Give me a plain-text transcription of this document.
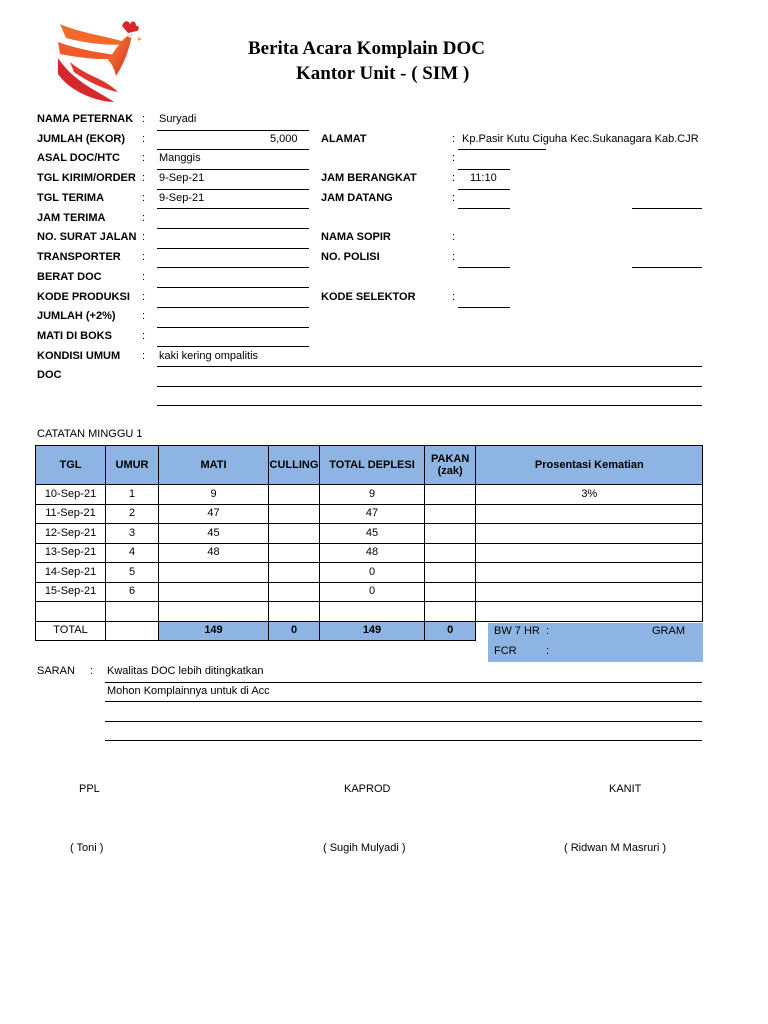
Berita Acara Komplain DOC
Kantor Unit - ( SIM )
NAMA PETERNAK : Suryadi
JUMLAH (EKOR) :	5,000
ASAL DOC/HTC : Manggis
TGL KIRIM/ORDER : 9-Sep-21
TGL TERIMA	: 9-Sep-21
JAM TERIMA	:
NO. SURAT JALAN :
TRANSPORTER :
BERAT DOC	:
KODE PRODUKSI :
JUMLAH (+2%) :
MATI DI BOKS	:
KONDISI UMUM : kaki kering ompalitis
DOC
ALAMAT	: Kp.Pasir Kutu Ciguha Kec.Sukanagara Kab.CJR
:
JAM BERANGKAT	: 11:10
JAM DATANG	:
NAMA SOPIR	:
NO. POLISI	:
KODE SELEKTOR	:
CATATAN MINGGU 1
TGL	UMUR	MATI	CULLING	TOTAL DEPLESI	PAKAN (zak)	Prosentasi Kematian
10-Sep-21	1	9		9		3%
11-Sep-21	2	47		47		
12-Sep-21	3	45		45		
13-Sep-21	4	48		48		
14-Sep-21	5			0		
15-Sep-21	6			0		

TOTAL		149	0	149	0		BW 7 HR :	GRAM
FCR	:
SARAN : Kwalitas DOC lebih ditingkatkan
Mohon Komplainnya untuk di Acc
PPL	KAPROD	KANIT
( Toni )	( Sugih Mulyadi )	( Ridwan M Masruri )
